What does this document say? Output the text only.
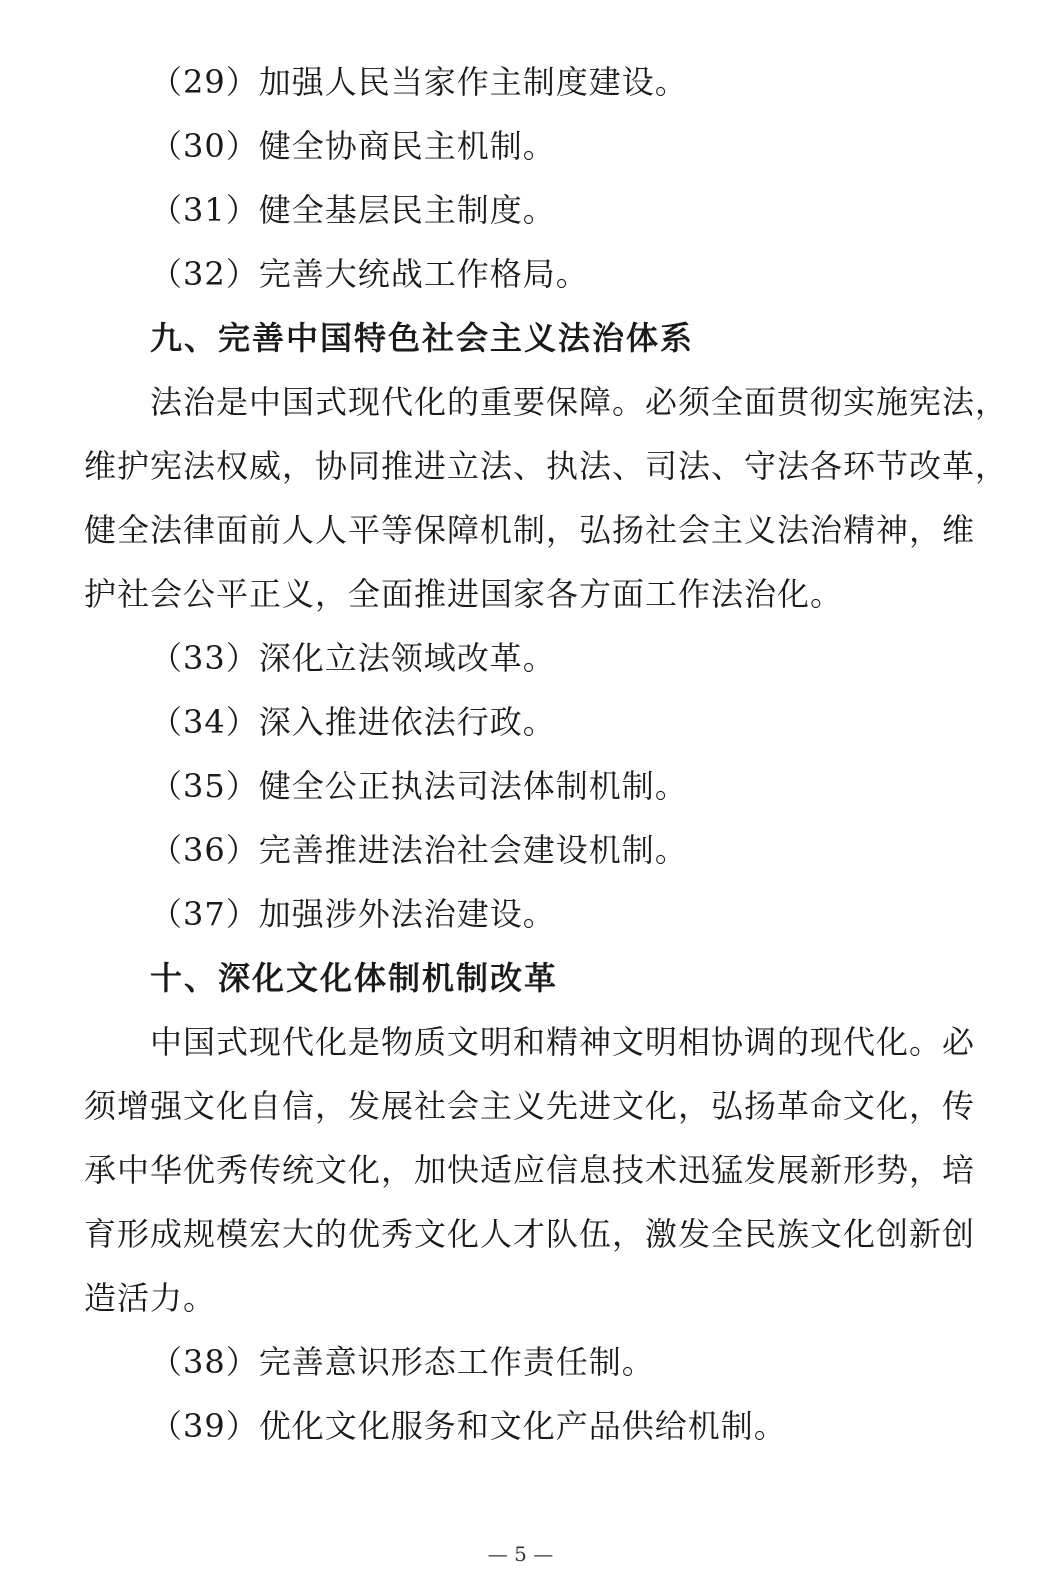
（29）加强人民当家作主制度建设。
（30）健全协商民主机制。
（31）健全基层民主制度。
（32）完善大统战工作格局。
九、完善中国特色社会主义法治体系
法治是中国式现代化的重要保障。必须全面贯彻实施宪法，
维护宪法权威，协同推进立法、执法、司法、守法各环节改革，
健全法律面前人人平等保障机制，弘扬社会主义法治精神，维
护社会公平正义，全面推进国家各方面工作法治化。
（33）深化立法领域改革。
（34）深入推进依法行政。
（35）健全公正执法司法体制机制。
（36）完善推进法治社会建设机制。
（37）加强涉外法治建设。
十、深化文化体制机制改革
中国式现代化是物质文明和精神文明相协调的现代化。必
须增强文化自信，发展社会主义先进文化，弘扬革命文化，传
承中华优秀传统文化，加快适应信息技术迅猛发展新形势，培
育形成规模宏大的优秀文化人才队伍，激发全民族文化创新创
造活力。
（38）完善意识形态工作责任制。
（39）优化文化服务和文化产品供给机制。
— 5 —
